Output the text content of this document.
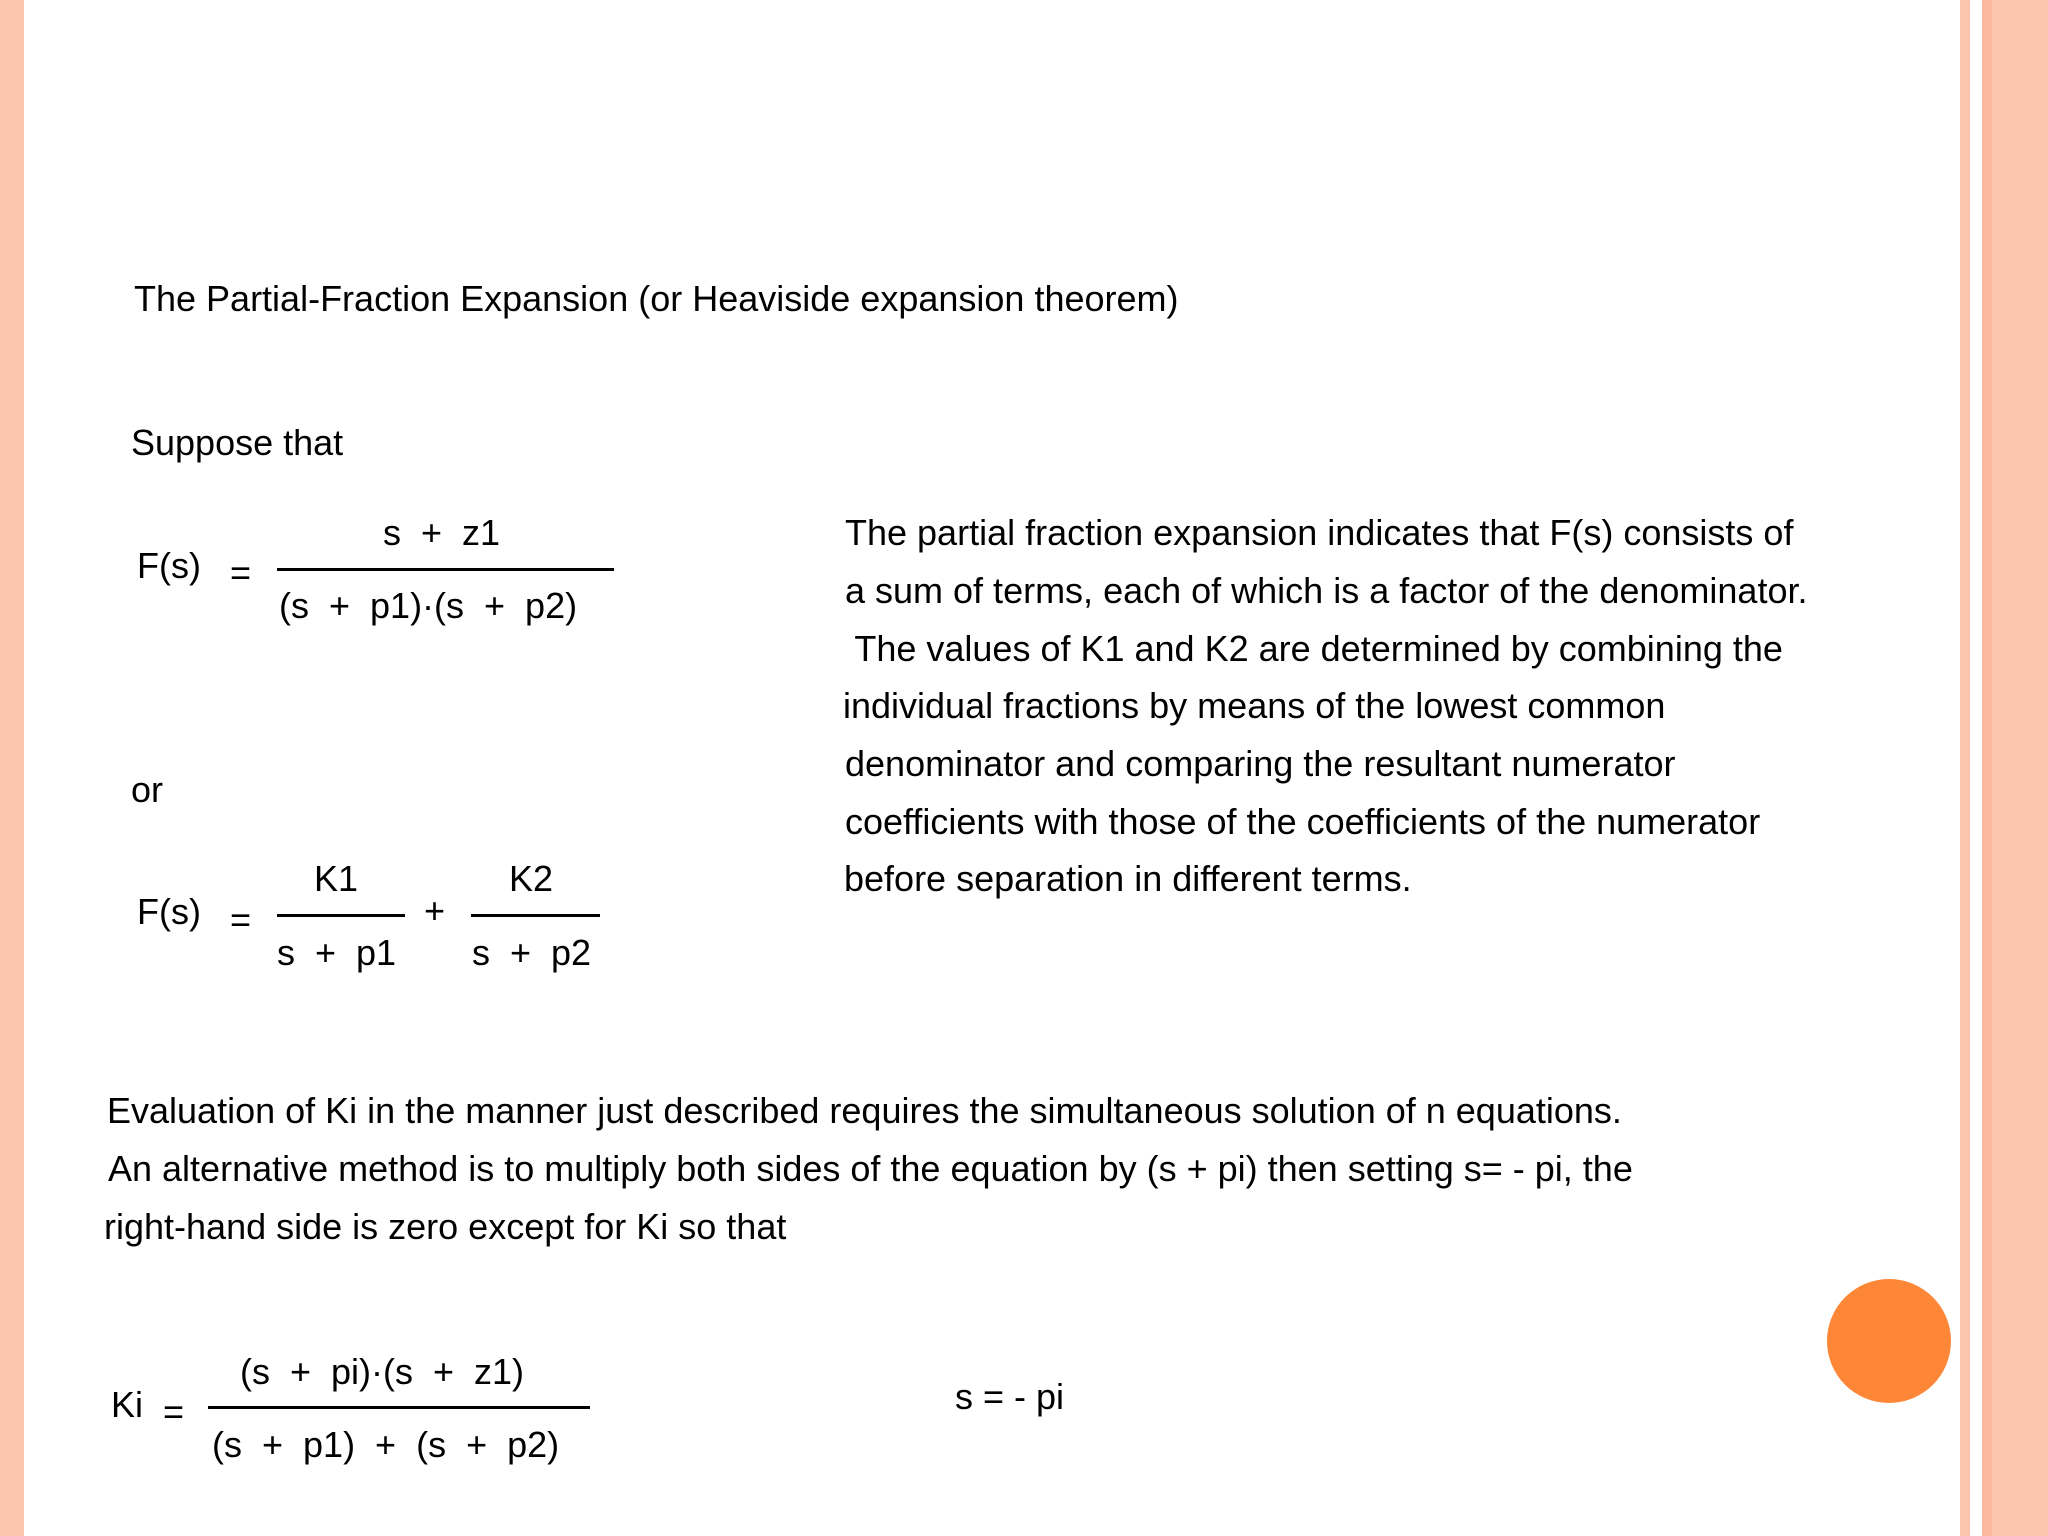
The Partial-Fraction Expansion (or Heaviside expansion theorem)
Suppose that
F(s) =
s  +  z1
(s  +  p1)·(s  +  p2)
or
F(s) =
K1
s  +  p1
+
K2
s  +  p2
The partial fraction expansion indicates that F(s) consists of
a sum of terms, each of which is a factor of the denominator.
The values of K1 and K2 are determined by combining the
individual fractions by means of the lowest common
denominator and comparing the resultant numerator
coefficients with those of the coefficients of the numerator
before separation in different terms.
Evaluation of Ki in the manner just described requires the simultaneous solution of n equations.
An alternative method is to multiply both sides of the equation by (s + pi) then setting s= - pi, the
right-hand side is zero except for Ki so that
Ki =
(s  +  pi)·(s  +  z1)
(s  +  p1)  +  (s  +  p2)
s = - pi
